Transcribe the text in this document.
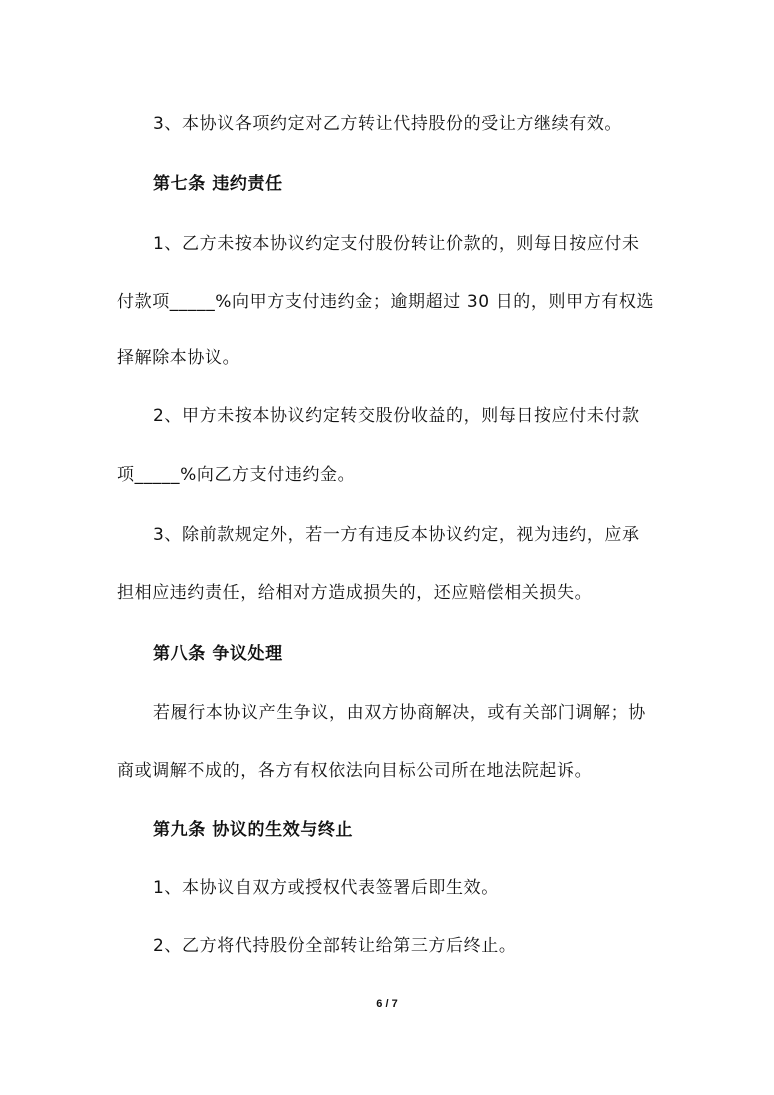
3、本协议各项约定对乙方转让代持股份的受让方继续有效。
第七条 违约责任
1、乙方未按本协议约定支付股份转让价款的，则每日按应付未
付款项_____%向甲方支付违约金；逾期超过 30 日的，则甲方有权选
择解除本协议。
2、甲方未按本协议约定转交股份收益的，则每日按应付未付款
项_____%向乙方支付违约金。
3、除前款规定外，若一方有违反本协议约定，视为违约，应承
担相应违约责任，给相对方造成损失的，还应赔偿相关损失。
第八条 争议处理
若履行本协议产生争议，由双方协商解决，或有关部门调解；协
商或调解不成的，各方有权依法向目标公司所在地法院起诉。
第九条 协议的生效与终止
1、本协议自双方或授权代表签署后即生效。
2、乙方将代持股份全部转让给第三方后终止。
6 / 7
